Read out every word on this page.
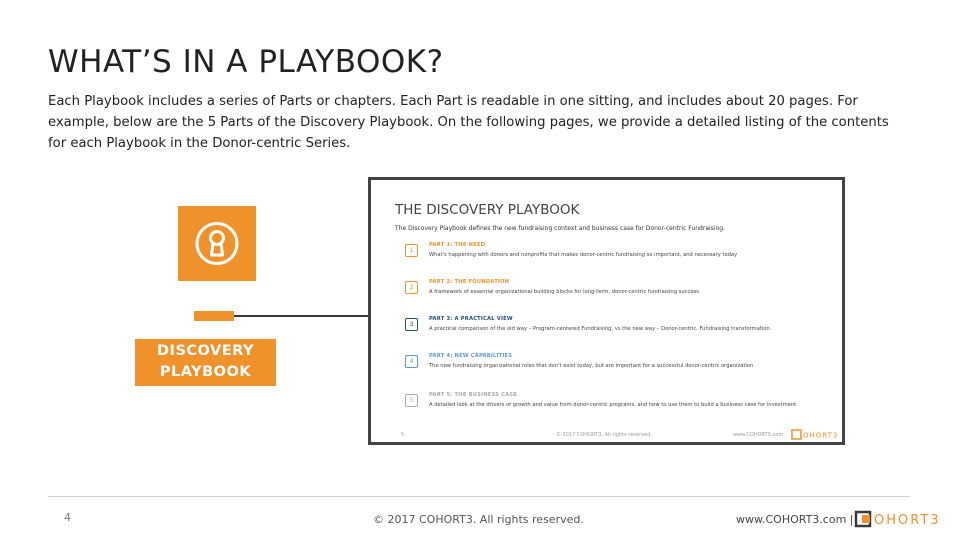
WHAT’S IN A PLAYBOOK?
Each Playbook includes a series of Parts or chapters. Each Part is readable in one sitting, and includes about 20 pages. For example, below are the 5 Parts of the Discovery Playbook. On the following pages, we provide a detailed listing of the contents for each Playbook in the Donor-centric Series.
DISCOVERY
PLAYBOOK
THE DISCOVERY PLAYBOOK
The Discovery Playbook defines the new fundraising context and business case for Donor-centric Fundraising.
1
PART 1: THE NEED
What's happening with donors and nonprofits that makes donor-centric fundraising so important, and necessary today
2
PART 2: THE FOUNDATION
A framework of essential organizational building blocks for long-term, donor-centric fundraising success
3
PART 3: A PRACTICAL VIEW
A practical comparison of the old way – Program-centered Fundraising, vs the new way – Donor-centric. Fundraising transformation.
4
PART 4: NEW CAPABILITIES
The new fundraising organizational roles that don't exist today, but are important for a successful donor-centric organization
5
PART 5: THE BUSINESS CASE
A detailed look at the drivers of growth and value from donor-centric programs, and how to use them to build a business case for investment.
5	© 2017 COHORT3. All rights reserved.	www.COHORT3.com	OHORT3
4	© 2017 COHORT3. All rights reserved.	www.COHORT3.com | OHORT3
